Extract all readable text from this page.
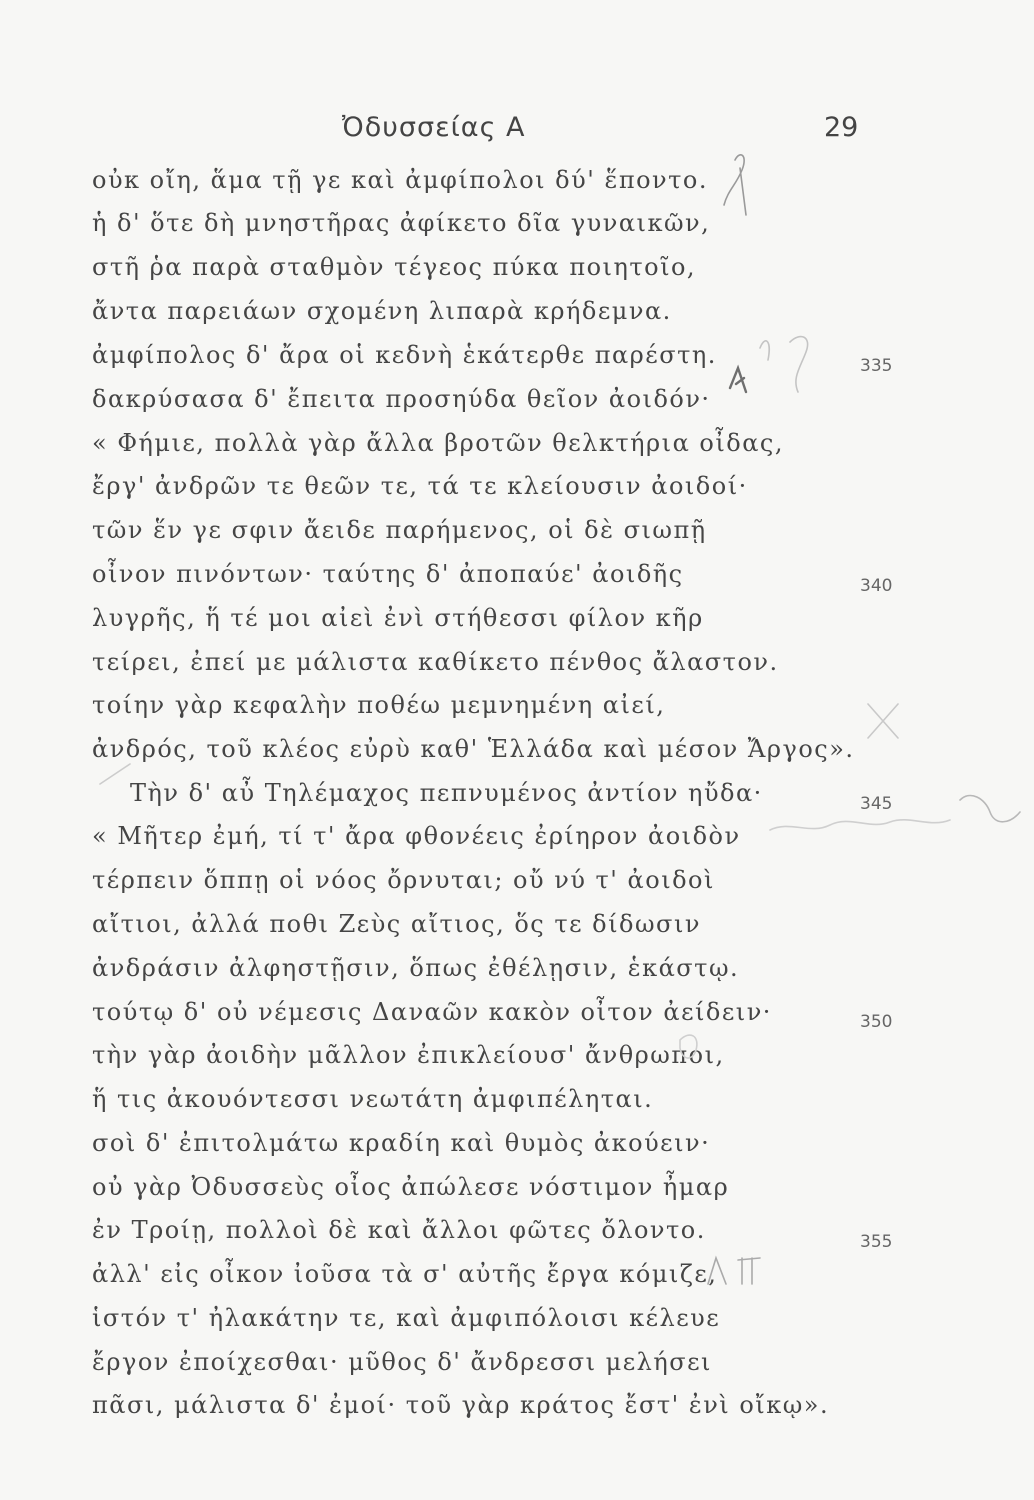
Ὀδυσσείας Α	29
οὐκ οἴη, ἅμα τῇ γε καὶ ἀμφίπολοι δύ' ἕποντο.
ἡ δ' ὅτε δὴ μνηστῆρας ἀφίκετο δῖα γυναικῶν,
στῆ ῥα παρὰ σταθμὸν τέγεος πύκα ποιητοῖο,
ἄντα παρειάων σχομένη λιπαρὰ κρήδεμνα.
ἀμφίπολος δ' ἄρα οἱ κεδνὴ ἑκάτερθε παρέστη.
δακρύσασα δ' ἔπειτα προσηύδα θεῖον ἀοιδόν·
« Φήμιε, πολλὰ γὰρ ἄλλα βροτῶν θελκτήρια οἶδας,
ἔργ' ἀνδρῶν τε θεῶν τε, τά τε κλείουσιν ἀοιδοί·
τῶν ἕν γε σφιν ἄειδε παρήμενος, οἱ δὲ σιωπῇ
οἶνον πινόντων· ταύτης δ' ἀποπαύε' ἀοιδῆς
λυγρῆς, ἥ τέ μοι αἰεὶ ἐνὶ στήθεσσι φίλον κῆρ
τείρει, ἐπεί με μάλιστα καθίκετο πένθος ἄλαστον.
τοίην γὰρ κεφαλὴν ποθέω μεμνημένη αἰεί,
ἀνδρός, τοῦ κλέος εὐρὺ καθ' Ἑλλάδα καὶ μέσον Ἄργος».
Τὴν δ' αὖ Τηλέμαχος πεπνυμένος ἀντίον ηὔδα·
« Μῆτερ ἐμή, τί τ' ἄρα φθονέεις ἐρίηρον ἀοιδὸν
τέρπειν ὅππῃ οἱ νόος ὄρνυται; οὔ νύ τ' ἀοιδοὶ
αἴτιοι, ἀλλά ποθι Ζεὺς αἴτιος, ὅς τε δίδωσιν
ἀνδράσιν ἀλφηστῇσιν, ὅπως ἐθέλῃσιν, ἑκάστῳ.
τούτῳ δ' οὐ νέμεσις Δαναῶν κακὸν οἶτον ἀείδειν·
τὴν γὰρ ἀοιδὴν μᾶλλον ἐπικλείουσ' ἄνθρωποι,
ἥ τις ἀκουόντεσσι νεωτάτη ἀμφιπέληται.
σοὶ δ' ἐπιτολμάτω κραδίη καὶ θυμὸς ἀκούειν·
οὐ γὰρ Ὀδυσσεὺς οἶος ἀπώλεσε νόστιμον ἦμαρ
ἐν Τροίῃ, πολλοὶ δὲ καὶ ἄλλοι φῶτες ὄλοντο.
ἀλλ' εἰς οἶκον ἰοῦσα τὰ σ' αὐτῆς ἔργα κόμιζε,
ἱστόν τ' ἠλακάτην τε, καὶ ἀμφιπόλοισι κέλευε
ἔργον ἐποίχεσθαι· μῦθος δ' ἄνδρεσσι μελήσει
πᾶσι, μάλιστα δ' ἐμοί· τοῦ γὰρ κράτος ἔστ' ἐνὶ οἴκῳ».
335
340
345
350
355
